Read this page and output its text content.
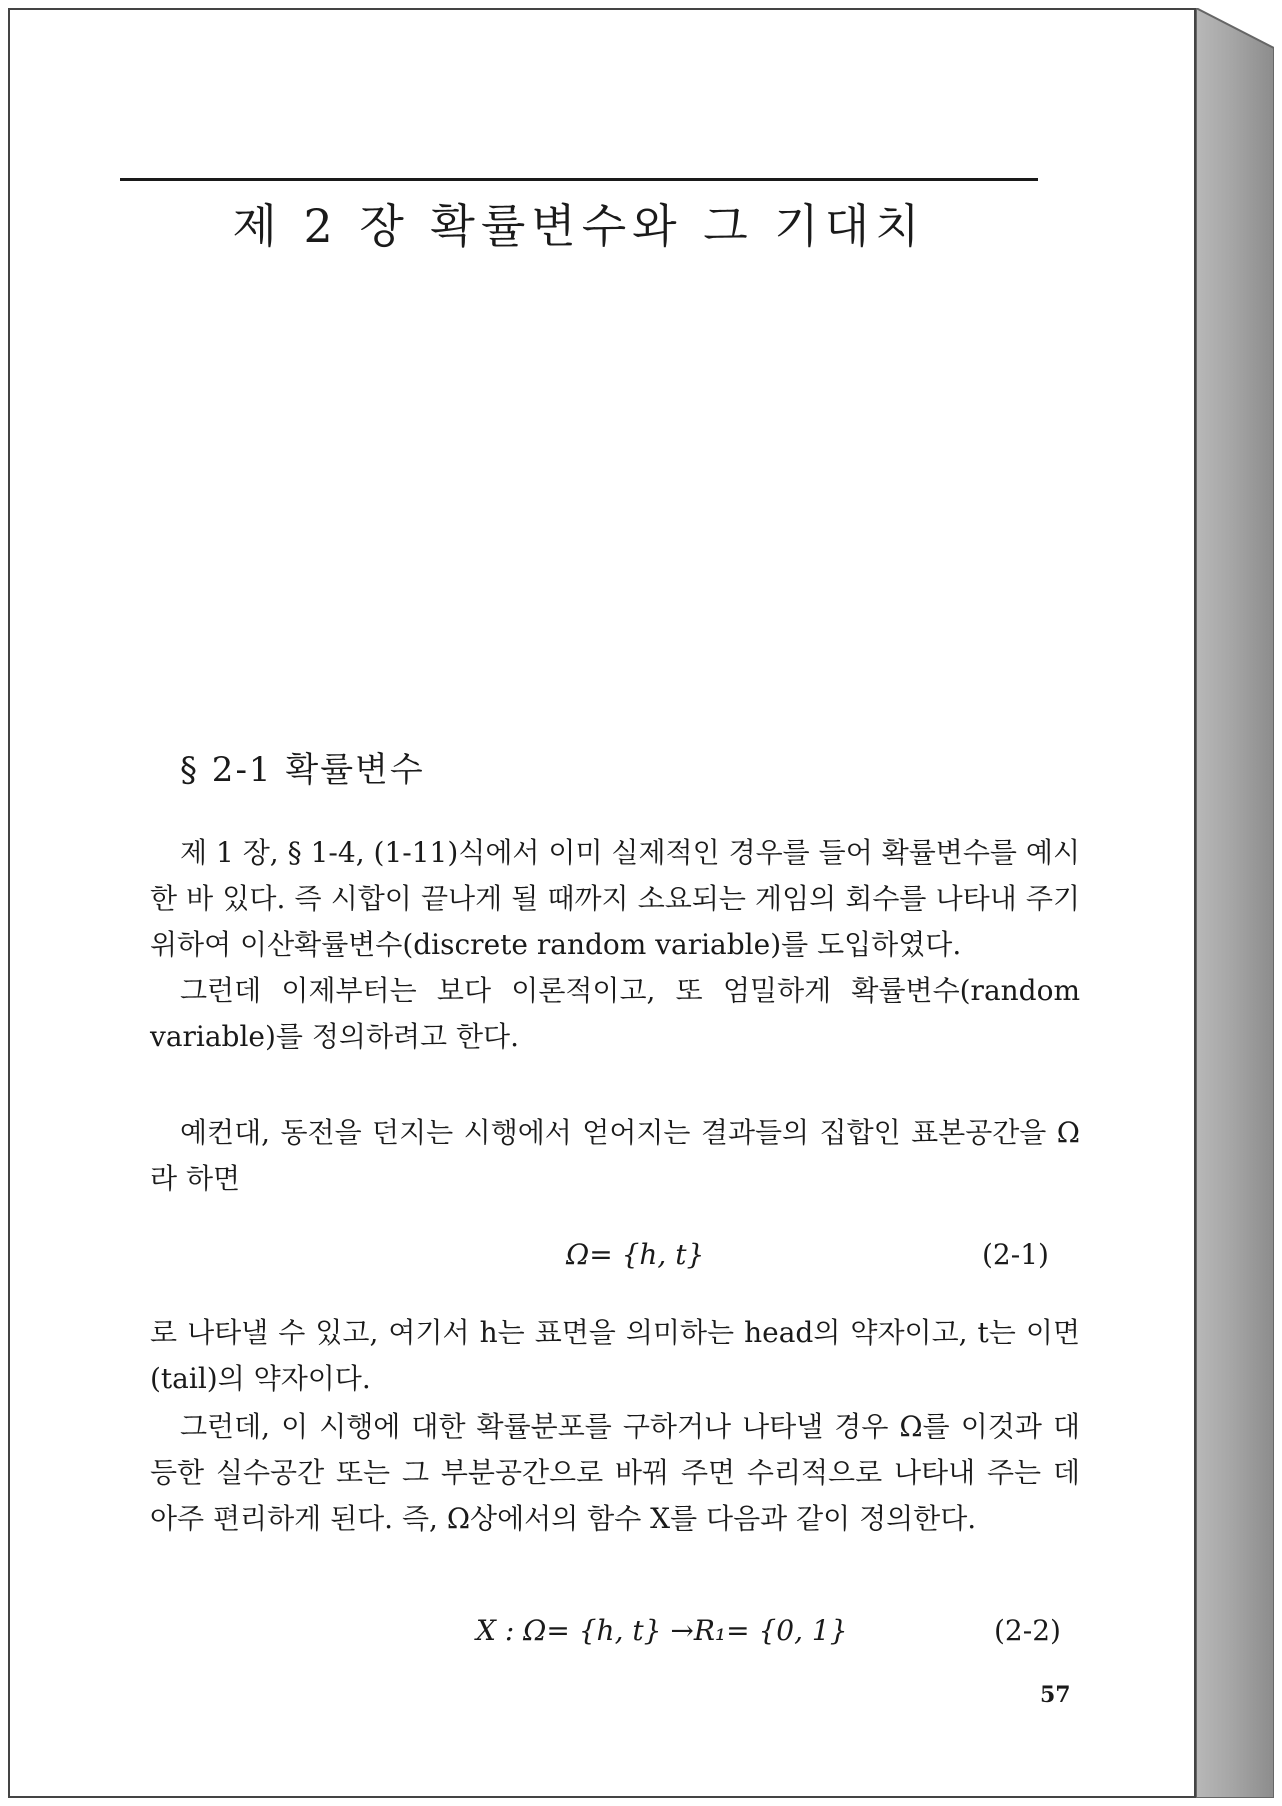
제 2 장 확률변수와 그 기대치
§ 2-1 확률변수
제 1 장, § 1-4, (1-11)식에서 이미 실제적인 경우를 들어 확률변수를 예시한 바 있다. 즉 시합이 끝나게 될 때까지 소요되는 게임의 회수를 나타내 주기 위하여 이산확률변수(discrete random variable)를 도입하였다.
그런데 이제부터는 보다 이론적이고, 또 엄밀하게 확률변수(random variable)를 정의하려고 한다.
예컨대, 동전을 던지는 시행에서 얻어지는 결과들의 집합인 표본공간을 Ω라 하면
Ω= {h, t}	(2-1)
로 나타낼 수 있고, 여기서 h는 표면을 의미하는 head의 약자이고, t는 이면(tail)의 약자이다.
그런데, 이 시행에 대한 확률분포를 구하거나 나타낼 경우 Ω를 이것과 대등한 실수공간 또는 그 부분공간으로 바꿔 주면 수리적으로 나타내 주는 데 아주 편리하게 된다. 즉, Ω상에서의 함수 X를 다음과 같이 정의한다.
X : Ω= {h, t} →R₁= {0, 1}	(2-2)
57
